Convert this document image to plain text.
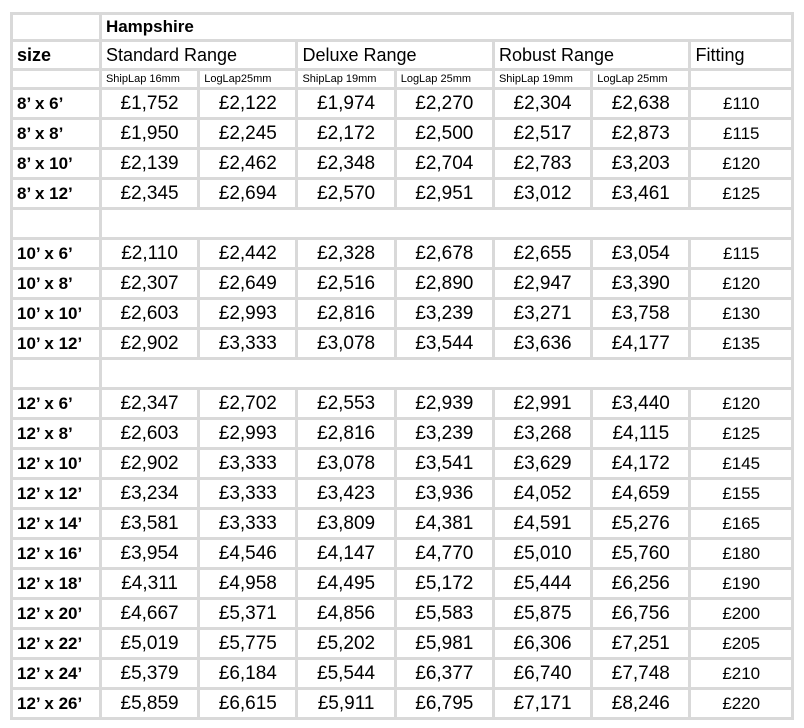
	Hampshire						
size	Standard Range		Deluxe Range		Robust Range		Fitting
	ShipLap 16mm	LogLap25mm	ShipLap 19mm	LogLap 25mm	ShipLap 19mm	LogLap 25mm	
8’ x 6’	£1,752	£2,122	£1,974	£2,270	£2,304	£2,638	£110
8’ x 8’	£1,950	£2,245	£2,172	£2,500	£2,517	£2,873	£115
8’ x 10’	£2,139	£2,462	£2,348	£2,704	£2,783	£3,203	£120
8’ x 12’	£2,345	£2,694	£2,570	£2,951	£3,012	£3,461	£125

10’ x 6’	£2,110	£2,442	£2,328	£2,678	£2,655	£3,054	£115
10’ x 8’	£2,307	£2,649	£2,516	£2,890	£2,947	£3,390	£120
10’ x 10’	£2,603	£2,993	£2,816	£3,239	£3,271	£3,758	£130
10’ x 12’	£2,902	£3,333	£3,078	£3,544	£3,636	£4,177	£135

12’ x 6’	£2,347	£2,702	£2,553	£2,939	£2,991	£3,440	£120
12’ x 8’	£2,603	£2,993	£2,816	£3,239	£3,268	£4,115	£125
12’ x 10’	£2,902	£3,333	£3,078	£3,541	£3,629	£4,172	£145
12’ x 12’	£3,234	£3,333	£3,423	£3,936	£4,052	£4,659	£155
12’ x 14’	£3,581	£3,333	£3,809	£4,381	£4,591	£5,276	£165
12’ x 16’	£3,954	£4,546	£4,147	£4,770	£5,010	£5,760	£180
12’ x 18’	£4,311	£4,958	£4,495	£5,172	£5,444	£6,256	£190
12’ x 20’	£4,667	£5,371	£4,856	£5,583	£5,875	£6,756	£200
12’ x 22’	£5,019	£5,775	£5,202	£5,981	£6,306	£7,251	£205
12’ x 24’	£5,379	£6,184	£5,544	£6,377	£6,740	£7,748	£210
12’ x 26’	£5,859	£6,615	£5,911	£6,795	£7,171	£8,246	£220
